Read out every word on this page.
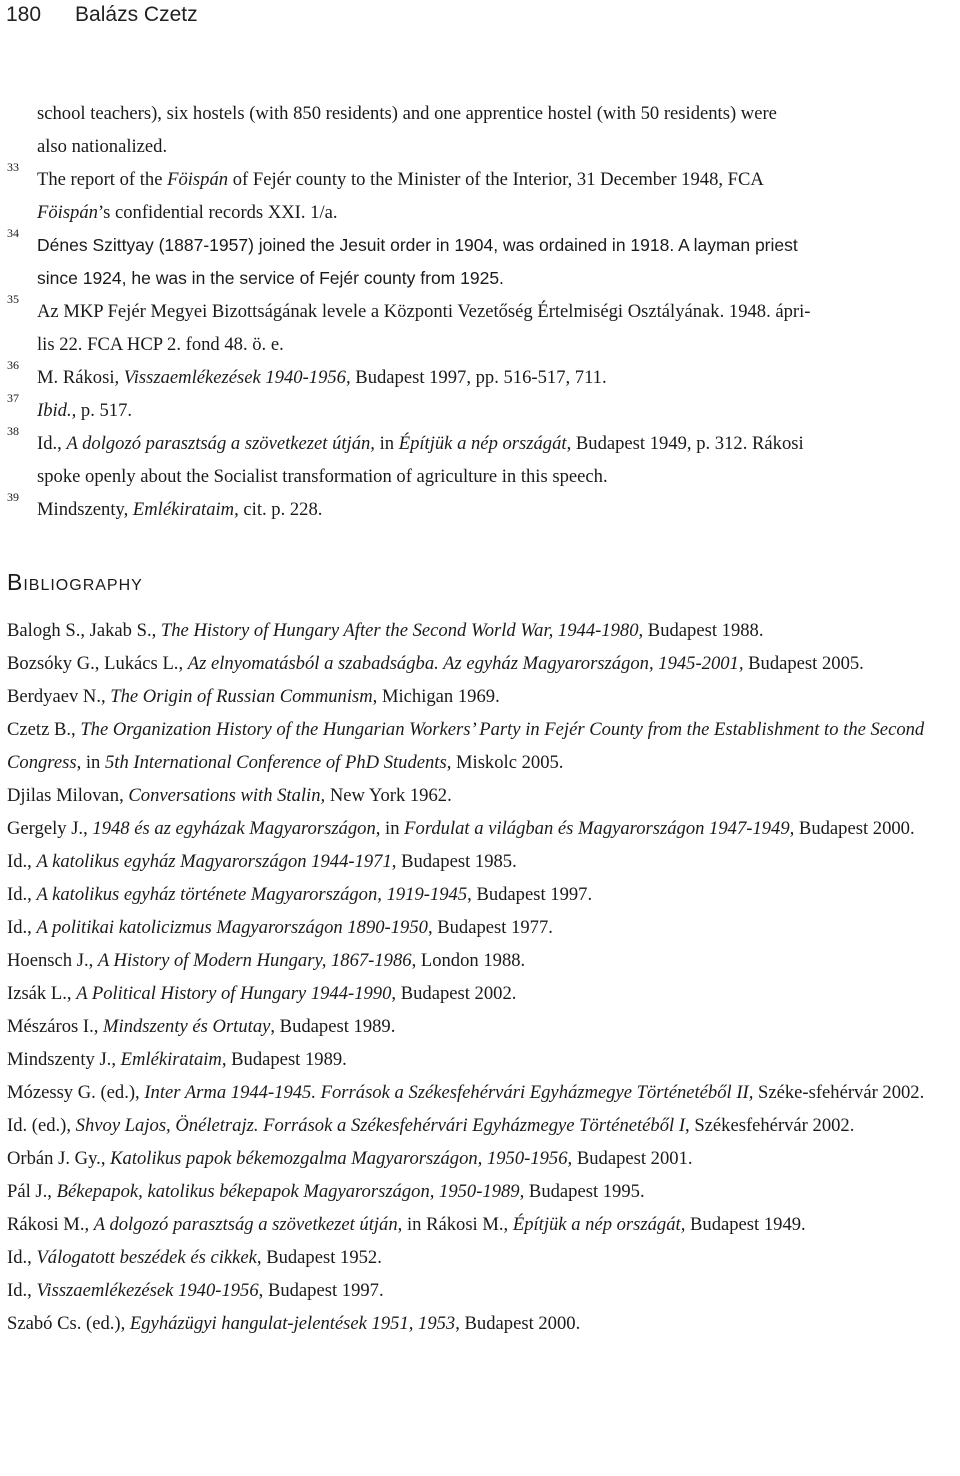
180 Balázs Czetz
school teachers), six hostels (with 850 residents) and one apprentice hostel (with 50 residents) were
also nationalized.
33
The report of the Föispán of Fejér county to the Minister of the Interior, 31 December 1948, FCA
Föispán’s confidential records XXI. 1/a.
34
Dénes Szittyay (1887-1957) joined the Jesuit order in 1904, was ordained in 1918. A layman priest
since 1924, he was in the service of Fejér county from 1925.
35
Az MKP Fejér Megyei Bizottságának levele a Központi Vezetőség Értelmiségi Osztályának. 1948. ápri-
lis 22. FCA HCP 2. fond 48. ö. e.
36
M. Rákosi, Visszaemlékezések 1940-1956, Budapest 1997, pp. 516-517, 711.
37
Ibid., p. 517.
38
Id., A dolgozó parasztság a szövetkezet útján, in Építjük a nép országát, Budapest 1949, p. 312. Rákosi
spoke openly about the Socialist transformation of agriculture in this speech.
39
Mindszenty, Emlékirataim, cit. p. 228.
Bibliography
Balogh S., Jakab S., The History of Hungary After the Second World War, 1944-1980, Budapest 1988.
Bozsóky G., Lukács L., Az elnyomatásból a szabadságba. Az egyház Magyarországon, 1945-2001, Budapest 2005.
Berdyaev N., The Origin of Russian Communism, Michigan 1969.
Czetz B., The Organization History of the Hungarian Workers’ Party in Fejér County from the Establishment to the Second Congress, in 5th International Conference of PhD Students, Miskolc 2005.
Djilas Milovan, Conversations with Stalin, New York 1962.
Gergely J., 1948 és az egyházak Magyarországon, in Fordulat a világban és Magyarországon 1947-1949, Budapest 2000.
Id., A katolikus egyház Magyarországon 1944-1971, Budapest 1985.
Id., A katolikus egyház története Magyarországon, 1919-1945, Budapest 1997.
Id., A politikai katolicizmus Magyarországon 1890-1950, Budapest 1977.
Hoensch J., A History of Modern Hungary, 1867-1986, London 1988.
Izsák L., A Political History of Hungary 1944-1990, Budapest 2002.
Mészáros I., Mindszenty és Ortutay, Budapest 1989.
Mindszenty J., Emlékirataim, Budapest 1989.
Mózessy G. (ed.), Inter Arma 1944-1945. Források a Székesfehérvári Egyházmegye Történetéből II, Széke-sfehérvár 2002.
Id. (ed.), Shvoy Lajos, Önéletrajz. Források a Székesfehérvári Egyházmegye Történetéből I, Székesfehérvár 2002.
Orbán J. Gy., Katolikus papok békemozgalma Magyarországon, 1950-1956, Budapest 2001.
Pál J., Békepapok, katolikus békepapok Magyarországon, 1950-1989, Budapest 1995.
Rákosi M., A dolgozó parasztság a szövetkezet útján, in Rákosi M., Építjük a nép országát, Budapest 1949.
Id., Válogatott beszédek és cikkek, Budapest 1952.
Id., Visszaemlékezések 1940-1956, Budapest 1997.
Szabó Cs. (ed.), Egyházügyi hangulat-jelentések 1951, 1953, Budapest 2000.
